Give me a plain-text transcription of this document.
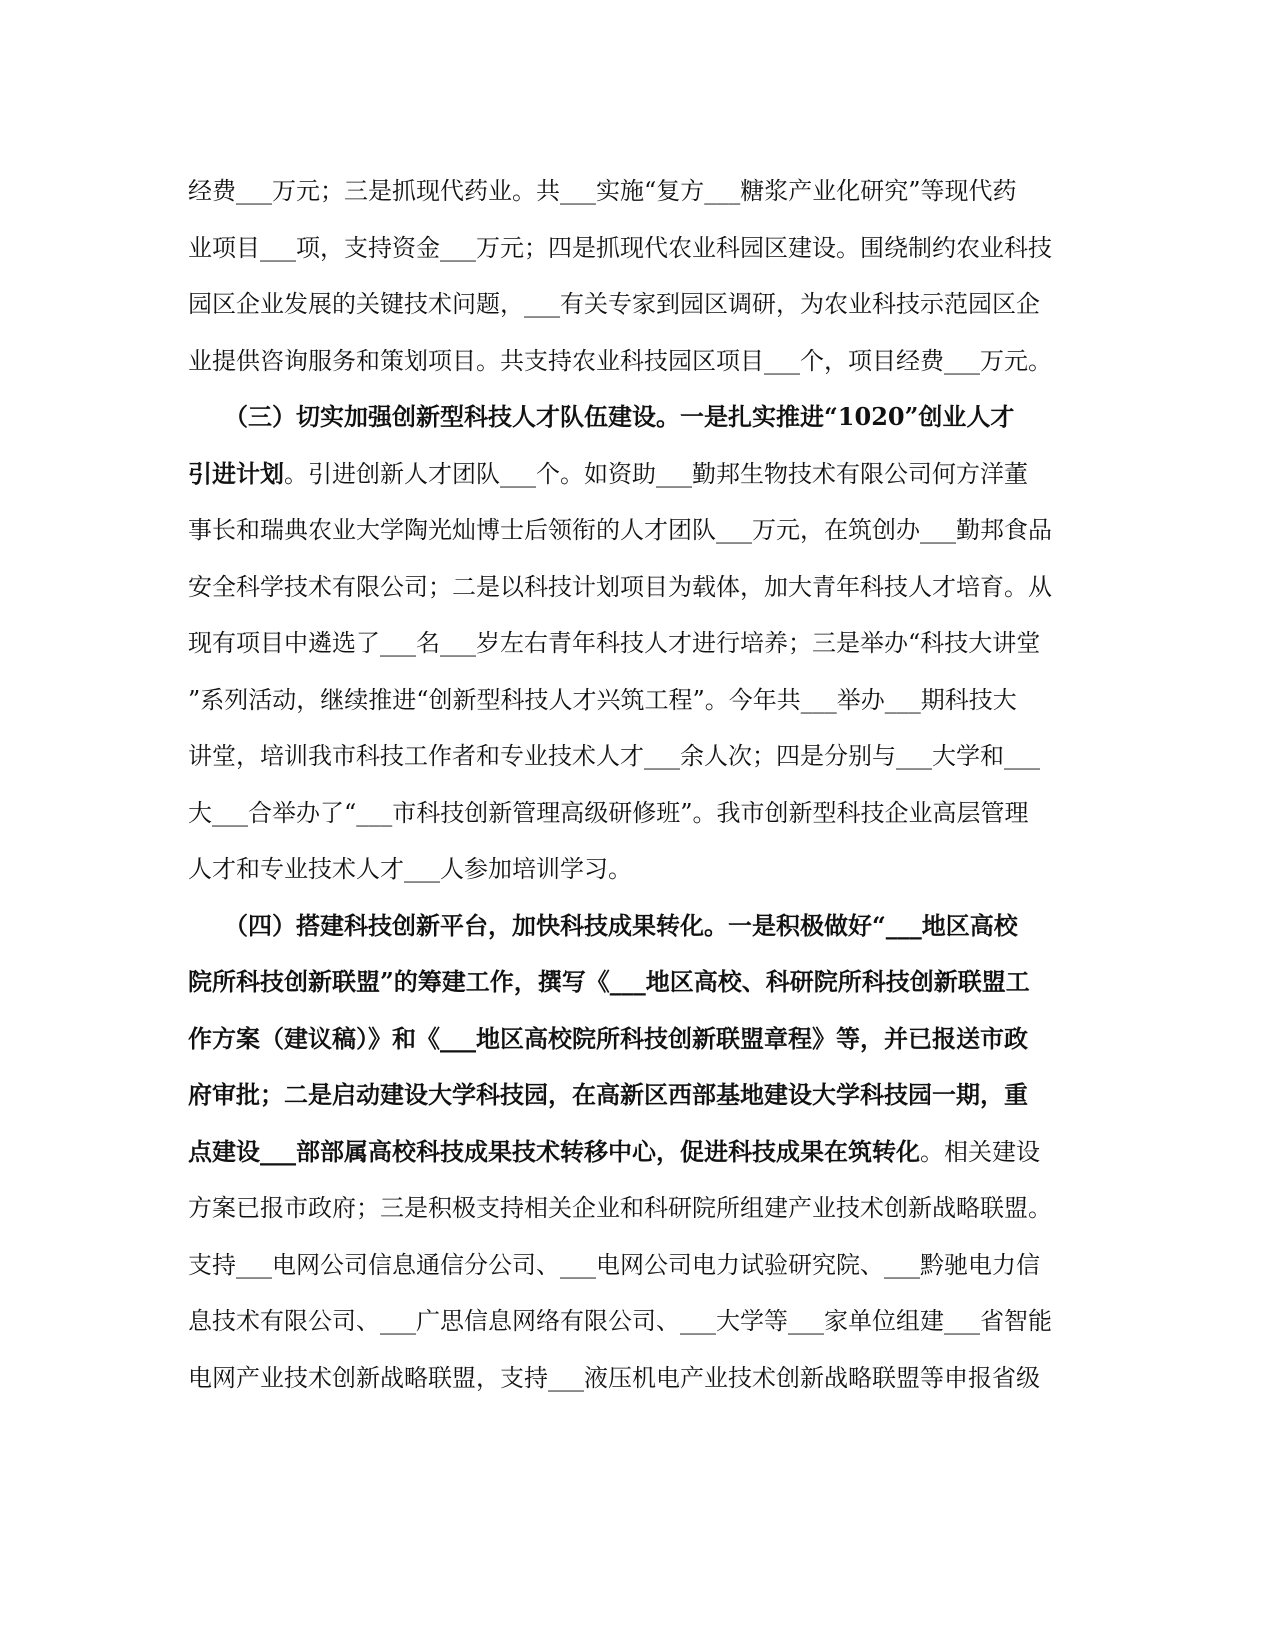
经费___万元；三是抓现代药业。共___实施“复方___糖浆产业化研究”等现代药
业项目___项，支持资金___万元；四是抓现代农业科园区建设。围绕制约农业科技
园区企业发展的关键技术问题，___有关专家到园区调研，为农业科技示范园区企
业提供咨询服务和策划项目。共支持农业科技园区项目___个，项目经费___万元。
　　（三）切实加强创新型科技人才队伍建设。一是扎实推进“1020”创业人才
引进计划。引进创新人才团队___个。如资助___勤邦生物技术有限公司何方洋董
事长和瑞典农业大学陶光灿博士后领衔的人才团队___万元，在筑创办___勤邦食品
安全科学技术有限公司；二是以科技计划项目为载体，加大青年科技人才培育。从
现有项目中遴选了___名___岁左右青年科技人才进行培养；三是举办“科技大讲堂
”系列活动，继续推进“创新型科技人才兴筑工程”。今年共___举办___期科技大
讲堂，培训我市科技工作者和专业技术人才___余人次；四是分别与___大学和___
大___合举办了“___市科技创新管理高级研修班”。我市创新型科技企业高层管理
人才和专业技术人才___人参加培训学习。
　　（四）搭建科技创新平台，加快科技成果转化。一是积极做好“___地区高校
院所科技创新联盟”的筹建工作，撰写《___地区高校、科研院所科技创新联盟工
作方案（建议稿）》和《___地区高校院所科技创新联盟章程》等，并已报送市政
府审批；二是启动建设大学科技园，在高新区西部基地建设大学科技园一期，重
点建设___部部属高校科技成果技术转移中心，促进科技成果在筑转化。相关建设
方案已报市政府；三是积极支持相关企业和科研院所组建产业技术创新战略联盟。
支持___电网公司信息通信分公司、___电网公司电力试验研究院、___黔驰电力信
息技术有限公司、___广思信息网络有限公司、___大学等___家单位组建___省智能
电网产业技术创新战略联盟，支持___液压机电产业技术创新战略联盟等申报省级
